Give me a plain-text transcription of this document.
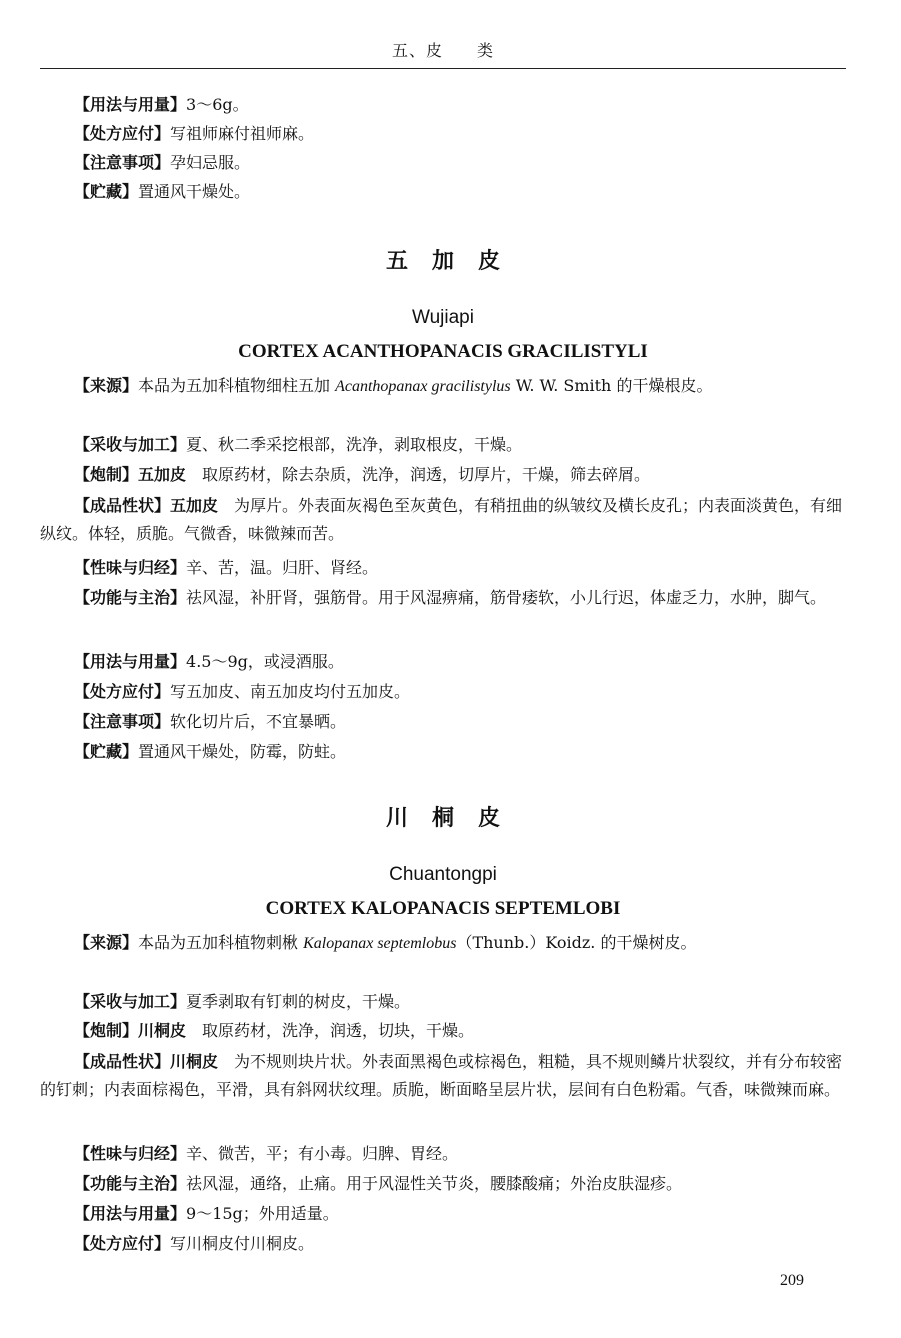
五、皮　　类
【用法与用量】3～6g。
【处方应付】写祖师麻付祖师麻。
【注意事项】孕妇忌服。
【贮藏】置通风干燥处。
五加皮
Wujiapi
CORTEX ACANTHOPANACIS GRACILISTYLI
【来源】本品为五加科植物细柱五加 Acanthopanax gracilistylus W. W. Smith 的干燥根皮。
【采收与加工】夏、秋二季采挖根部，洗净，剥取根皮，干燥。
【炮制】五加皮　取原药材，除去杂质，洗净，润透，切厚片，干燥，筛去碎屑。
【成品性状】五加皮　为厚片。外表面灰褐色至灰黄色，有稍扭曲的纵皱纹及横长皮孔；内表面淡黄色，有细纵纹。体轻，质脆。气微香，味微辣而苦。
【性味与归经】辛、苦，温。归肝、肾经。
【功能与主治】祛风湿，补肝肾，强筋骨。用于风湿痹痛，筋骨痿软，小儿行迟，体虚乏力，水肿，脚气。
【用法与用量】4.5～9g，或浸酒服。
【处方应付】写五加皮、南五加皮均付五加皮。
【注意事项】软化切片后，不宜暴晒。
【贮藏】置通风干燥处，防霉，防蛀。
川桐皮
Chuantongpi
CORTEX KALOPANACIS SEPTEMLOBI
【来源】本品为五加科植物刺楸 Kalopanax septemlobus（Thunb.）Koidz. 的干燥树皮。
【采收与加工】夏季剥取有钉刺的树皮，干燥。
【炮制】川桐皮　取原药材，洗净，润透，切块，干燥。
【成品性状】川桐皮　为不规则块片状。外表面黑褐色或棕褐色，粗糙，具不规则鳞片状裂纹，并有分布较密的钉刺；内表面棕褐色，平滑，具有斜网状纹理。质脆，断面略呈层片状，层间有白色粉霜。气香，味微辣而麻。
【性味与归经】辛、微苦，平；有小毒。归脾、胃经。
【功能与主治】祛风湿，通络，止痛。用于风湿性关节炎，腰膝酸痛；外治皮肤湿疹。
【用法与用量】9～15g；外用适量。
【处方应付】写川桐皮付川桐皮。
209
